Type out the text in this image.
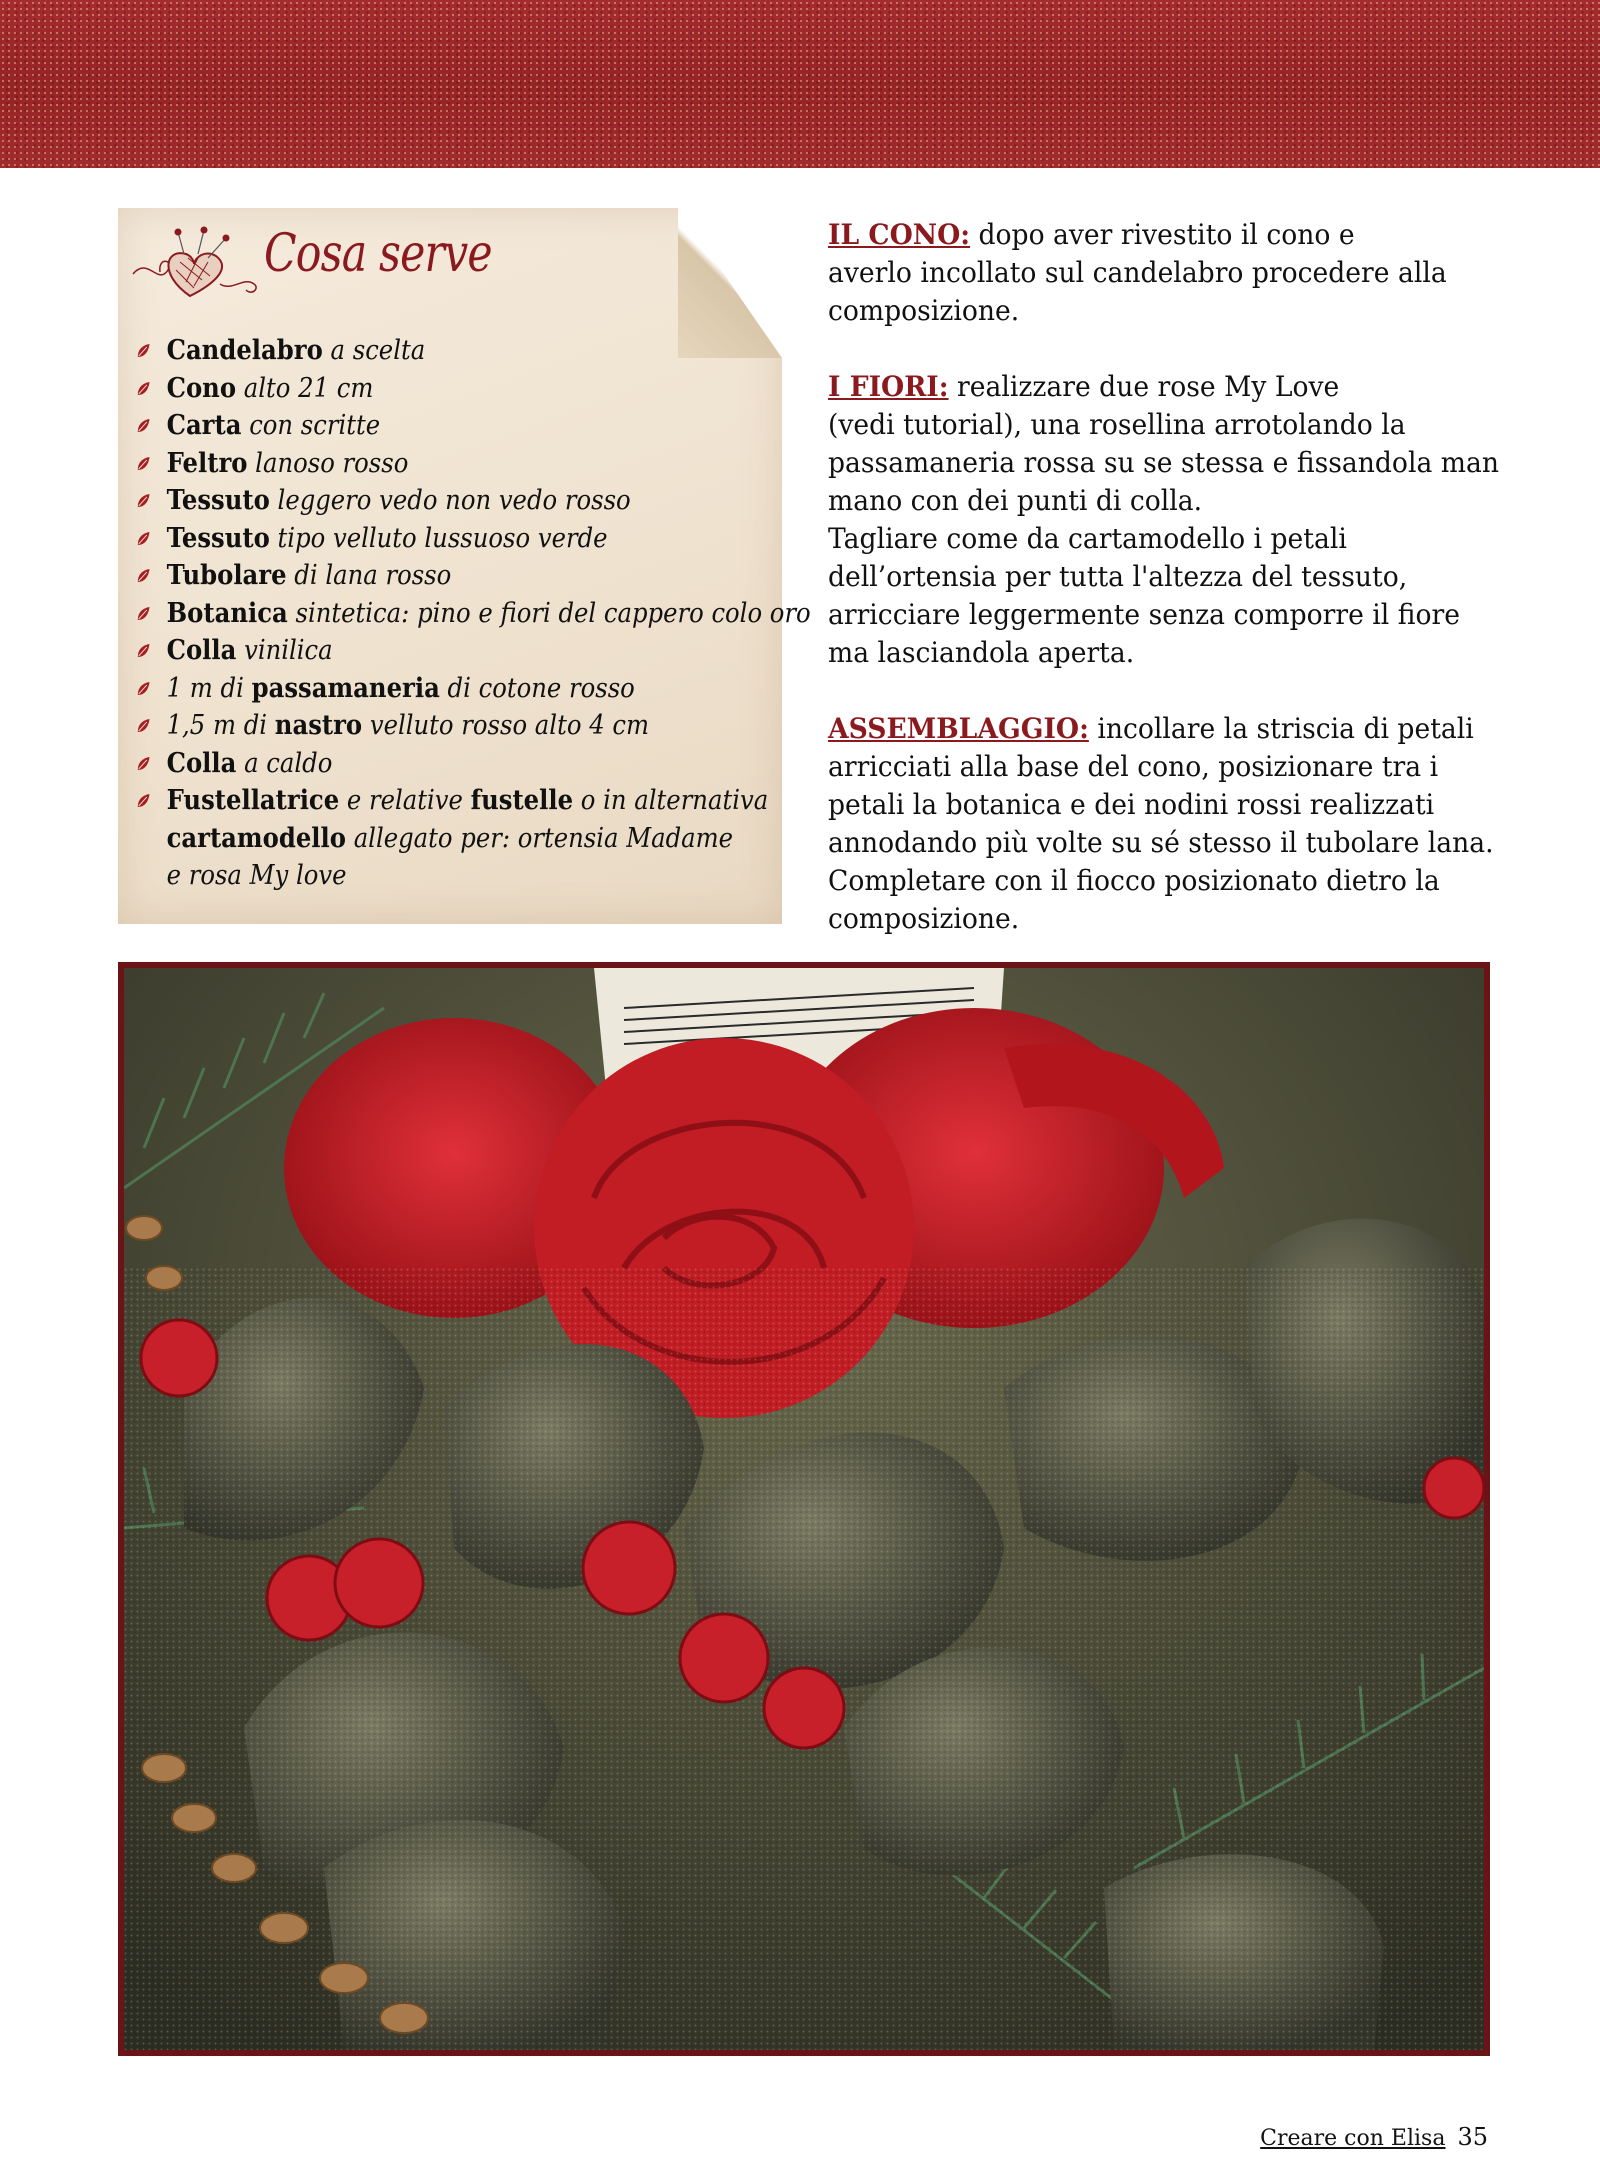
Cosa serve
Candelabro a scelta
Cono alto 21 cm
Carta con scritte
Feltro lanoso rosso
Tessuto leggero vedo non vedo rosso
Tessuto tipo velluto lussuoso verde
Tubolare di lana rosso
Botanica sintetica: pino e fiori del cappero colo oro
Colla vinilica
1 m di passamaneria di cotone rosso
1,5 m di nastro velluto rosso alto 4 cm
Colla a caldo
Fustellatrice e relative fustelle o in alternativa
cartamodello allegato per: ortensia Madame
e rosa My love

IL CONO: dopo aver rivestito il cono e

averlo incollato sul candelabro procedere alla

composizione.

I FIORI: realizzare due rose My Love

(vedi tutorial), una rosellina arrotolando la

passamaneria rossa su se stessa e fissandola man

mano con dei punti di colla.

Tagliare come da cartamodello i petali

dell’ortensia per tutta l'altezza del tessuto,

arricciare leggermente senza comporre il fiore

ma lasciandola aperta.

ASSEMBLAGGIO: incollare la striscia di petali

arricciati alla base del cono, posizionare tra i

petali la botanica e dei nodini rossi realizzati

annodando più volte su sé stesso il tubolare lana.

Completare con il fiocco posizionato dietro la

composizione.

Creare con Elisa 35
